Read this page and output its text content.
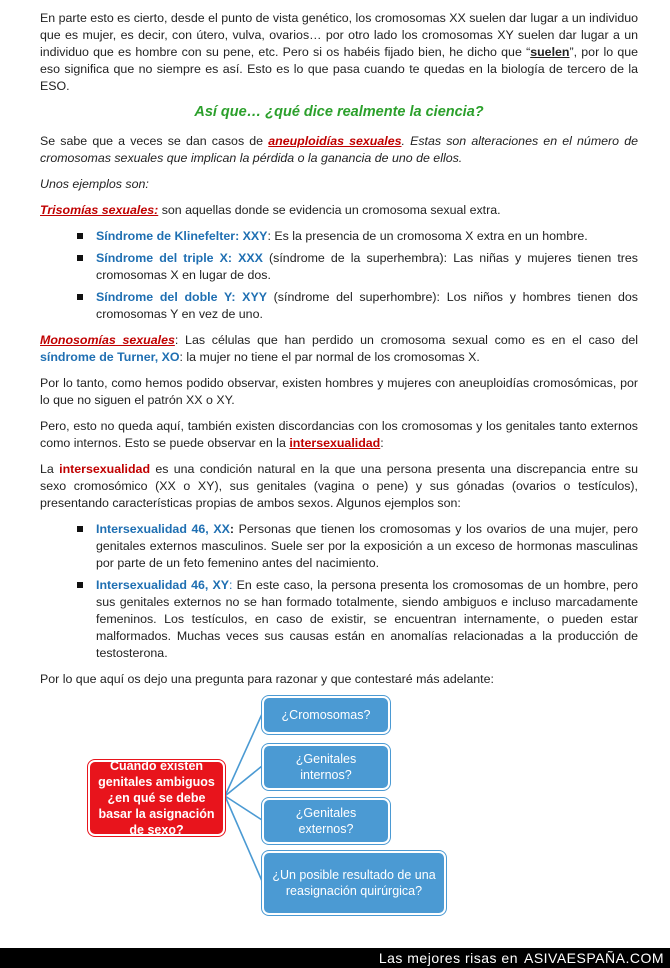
En parte esto es cierto, desde el punto de vista genético, los cromosomas XX suelen dar lugar a un individuo que es mujer, es decir, con útero, vulva, ovarios… por otro lado los cromosomas XY suelen dar lugar a un individuo que es hombre con su pene, etc. Pero si os habéis fijado bien, he dicho que “suelen”, por lo que eso significa que no siempre es así. Esto es lo que pasa cuando te quedas en la biología de tercero de la ESO.

Así que… ¿qué dice realmente la ciencia?

Se sabe que a veces se dan casos de aneuploidías sexuales. Estas son alteraciones en el número de cromosomas sexuales que implican la pérdida o la ganancia de uno de ellos.

Unos ejemplos son:

Trisomías sexuales: son aquellas donde se evidencia un cromosoma sexual extra.

Síndrome de Klinefelter: XXY: Es la presencia de un cromosoma X extra en un hombre.
Síndrome del triple X: XXX (síndrome de la superhembra): Las niñas y mujeres tienen tres cromosomas X en lugar de dos.
Síndrome del doble Y: XYY (síndrome del superhombre): Los niños y hombres tienen dos cromosomas Y en vez de uno.

Monosomías sexuales: Las células que han perdido un cromosoma sexual como es en el caso del síndrome de Turner, XO: la mujer no tiene el par normal de los cromosomas X.

Por lo tanto, como hemos podido observar, existen hombres y mujeres con aneuploidías cromosómicas, por lo que no siguen el patrón XX o XY.

Pero, esto no queda aquí, también existen discordancias con los cromosomas y los genitales tanto externos como internos. Esto se puede observar en la intersexualidad:

La intersexualidad es una condición natural en la que una persona presenta una discrepancia entre su sexo cromosómico (XX o XY), sus genitales (vagina o pene) y sus gónadas (ovarios o testículos), presentando características propias de ambos sexos. Algunos ejemplos son:

Intersexualidad 46, XX: Personas que tienen los cromosomas y los ovarios de una mujer, pero genitales externos masculinos. Suele ser por la exposición a un exceso de hormonas masculinas por parte de un feto femenino antes del nacimiento.
Intersexualidad 46, XY: En este caso, la persona presenta los cromosomas de un hombre, pero sus genitales externos no se han formado totalmente, siendo ambiguos e incluso marcadamente femeninos. Los testículos, en caso de existir, se encuentran internamente, o pueden estar malformados. Muchas veces sus causas están en anomalías relacionadas a la producción de testosterona.

Por lo que aquí os dejo una pregunta para razonar y que contestaré más adelante:

Cuando existen genitales ambiguos ¿en qué se debe basar la asignación de sexo?
¿Cromosomas?
¿Genitales internos?
¿Genitales externos?
¿Un posible resultado de una reasignación quirúrgica?
Las mejores risas en ASIVAESPAÑA.COM
